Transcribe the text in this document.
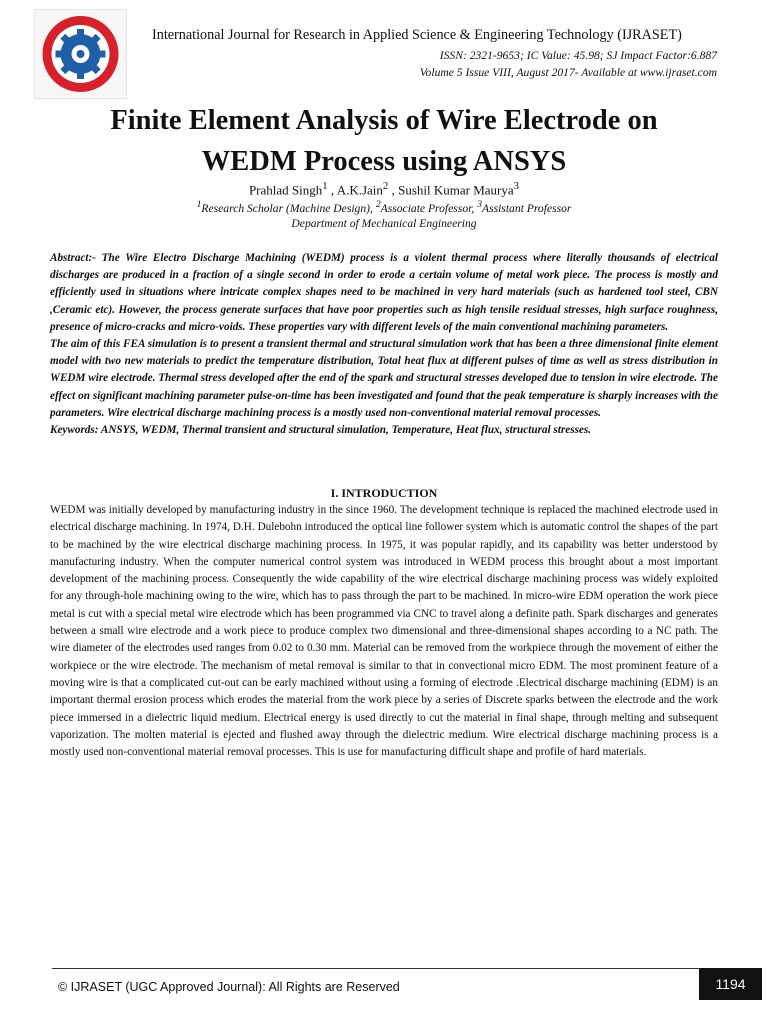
International Journal for Research in Applied Science & Engineering Technology (IJRASET)
ISSN: 2321-9653; IC Value: 45.98; SJ Impact Factor:6.887
Volume 5 Issue VIII, August 2017- Available at www.ijraset.com
Finite Element Analysis of Wire Electrode on
WEDM Process using ANSYS
Prahlad Singh$^1$ , A.K.Jain$^2$ , Sushil Kumar Maurya$^3$
$^1$Research Scholar (Machine Design), $^2$Associate Professor, $^3$Assistant Professor
Department of Mechanical Engineering

Abstract:- The Wire Electro Discharge Machining (WEDM) process is a violent thermal process where literally thousands of electrical discharges are produced in a fraction of a single second in order to erode a certain volume of metal work piece. The process is mostly and efficiently used in situations where intricate complex shapes need to be machined in very hard materials (such as hardened tool steel, CBN ,Ceramic etc). However, the process generate surfaces that have poor properties such as high tensile residual stresses, high surface roughness, presence of micro-cracks and micro-voids. These properties vary with different levels of the main conventional machining parameters.

The aim of this FEA simulation is to present a transient thermal and structural simulation work that has been a three dimensional finite element model with two new materials to predict the temperature distribution, Total heat flux at different pulses of time as well as stress distribution in WEDM wire electrode. Thermal stress developed after the end of the spark and structural stresses developed due to tension in wire electrode. The effect on significant machining parameter pulse-on-time has been investigated and found that the peak temperature is sharply increases with the parameters. Wire electrical discharge machining process is a mostly used non-conventional material removal processes.

Keywords: ANSYS, WEDM, Thermal transient and structural simulation, Temperature, Heat flux, structural stresses.

I. INTRODUCTION

WEDM was initially developed by manufacturing industry in the since 1960. The development technique is replaced the machined electrode used in electrical discharge machining. In 1974, D.H. Dulebohn introduced the optical line follower system which is automatic control the shapes of the part to be machined by the wire electrical discharge machining process. In 1975, it was popular rapidly, and its capability was better understood by manufacturing industry. When the computer numerical control system was introduced in WEDM process this brought about a most important development of the machining process. Consequently the wide capability of the wire electrical discharge machining process was widely exploited for any through-hole machining owing to the wire, which has to pass through the part to be machined. In micro-wire EDM operation the work piece metal is cut with a special metal wire electrode which has been programmed via CNC to travel along a definite path. Spark discharges and generates between a small wire electrode and a work piece to produce complex two dimensional and three-dimensional shapes according to a NC path. The wire diameter of the electrodes used ranges from 0.02 to 0.30 mm. Material can be removed from the workpiece through the movement of either the workpiece or the wire electrode. The mechanism of metal removal is similar to that in convectional micro EDM. The most prominent feature of a moving wire is that a complicated cut-out can be early machined without using a forming of electrode .Electrical discharge machining (EDM) is an important thermal erosion process which erodes the material from the work piece by a series of Discrete sparks between the electrode and the work piece immersed in a dielectric liquid medium. Electrical energy is used directly to cut the material in final shape, through melting and subsequent vaporization. The molten material is ejected and flushed away through the dielectric medium. Wire electrical discharge machining process is a mostly used non-conventional material removal processes. This is use for manufacturing difficult shape and profile of hard materials.

© IJRASET (UGC Approved Journal): All Rights are Reserved	1194
